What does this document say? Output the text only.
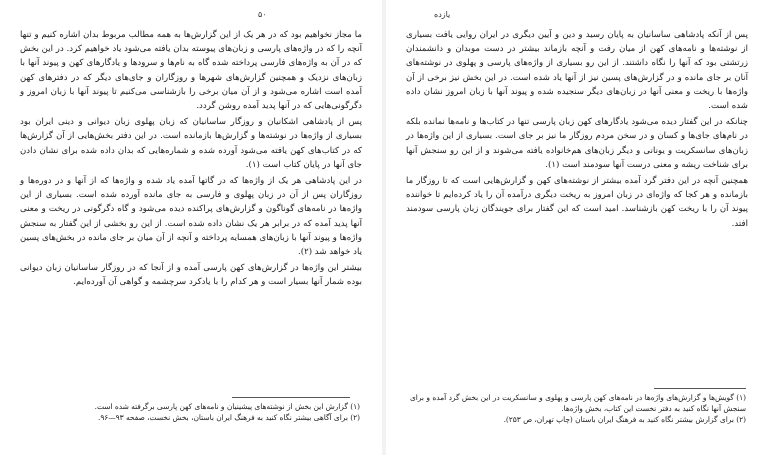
۵۰

ما مجاز نخواهیم بود که در هر یک از این گزارش‌ها به همه مطالب مربوط بدان اشاره کنیم و تنها آنچه را که در واژه‌های پارسی و زبان‌های پیوسته بدان یافته می‌شود یاد خواهیم کرد. در این بخش که در آن به واژه‌های فارسی پرداخته شده گاه به نام‌ها و سرودها و یادگارهای کهن و پیوند آنها با زبان‌های نزدیک و همچنین گزارش‌های شهرها و روزگاران و جای‌های دیگر که در دفترهای کهن آمده است اشاره می‌شود و از آن میان برخی را بازشناسی می‌کنیم تا پیوند آنها با زبان امروز و دگرگونی‌هایی که در آنها پدید آمده روشن گردد.

پس از پادشاهی اشکانیان و روزگار ساسانیان که زبان پهلوی زبان دیوانی و دینی ایران بود بسیاری از واژه‌ها در نوشته‌ها و گزارش‌ها بازمانده است. در این دفتر بخش‌هایی از آن گزارش‌ها که در کتاب‌های کهن یافته می‌شود آورده شده و شماره‌هایی که بدان داده شده برای نشان دادن جای آنها در پایان کتاب است (۱).

در این پادشاهی هر یک از واژه‌ها که در گاتها آمده یاد شده و واژه‌ها که از آنها و در دوره‌ها و روزگاران پس از آن در زبان پهلوی و فارسی به جای مانده آورده شده است. بسیاری از این واژه‌ها در نامه‌های گوناگون و گزارش‌های پراکنده دیده می‌شود و گاه دگرگونی در ریخت و معنی آنها پدید آمده که در برابر هر یک نشان داده شده است. از این رو بخشی از این گفتار به سنجش واژه‌ها و پیوند آنها با زبان‌های همسایه پرداخته و آنچه از آن میان بر جای مانده در بخش‌های پسین یاد خواهد شد (۲).

بیشتر این واژه‌ها در گزارش‌های کهن پارسی آمده و از آنجا که در روزگار ساسانیان زبان دیوانی بوده شمار آنها بسیار است و هر کدام را با یادکرد سرچشمه و گواهی آن آورده‌ایم.

(۱) گزارش این بخش از نوشته‌های پیشینیان و نامه‌های کهن پارسی برگرفته شده است.
(۲) برای آگاهی بیشتر نگاه کنید به فرهنگ ایران باستان، بخش نخست، صفحه ۹۳—۹۶.
یازده

پس از آنکه پادشاهی ساسانیان به پایان رسید و دین و آیین دیگری در ایران روایی یافت بسیاری از نوشته‌ها و نامه‌های کهن از میان رفت و آنچه بازماند بیشتر در دست موبدان و دانشمندان زرتشتی بود که آنها را نگاه داشتند. از این رو بسیاری از واژه‌های پارسی و پهلوی در نوشته‌های آنان بر جای مانده و در گزارش‌های پسین نیز از آنها یاد شده است. در این بخش نیز برخی از آن واژه‌ها با ریخت و معنی آنها در زبان‌های دیگر سنجیده شده و پیوند آنها با زبان امروز نشان داده شده است.

چنانکه در این گفتار دیده می‌شود یادگارهای کهن زبان پارسی تنها در کتاب‌ها و نامه‌ها نمانده بلکه در نام‌های جای‌ها و کسان و در سخن مردم روزگار ما نیز بر جای است. بسیاری از این واژه‌ها در زبان‌های سانسکریت و یونانی و دیگر زبان‌های هم‌خانواده یافته می‌شوند و از این رو سنجش آنها برای شناخت ریشه و معنی درست آنها سودمند است (۱).

همچنین آنچه در این دفتر گرد آمده بیشتر از نوشته‌های کهن و گزارش‌هایی است که تا روزگار ما بازمانده و هر کجا که واژه‌ای در زبان امروز به ریخت دیگری درآمده آن را یاد کرده‌ایم تا خواننده پیوند آن را با ریخت کهن بازشناسد. امید است که این گفتار برای جویندگان زبان پارسی سودمند افتد.

(۱) گویش‌ها و گزارش‌های واژه‌ها در نامه‌های کهن پارسی و پهلوی و سانسکریت در این بخش گرد آمده و برای سنجش آنها نگاه کنید به دفتر نخست این کتاب، بخش واژه‌ها.
(۲) برای گزارش بیشتر نگاه کنید به فرهنگ ایران باستان (چاپ تهران، ص ۲۵۳).
